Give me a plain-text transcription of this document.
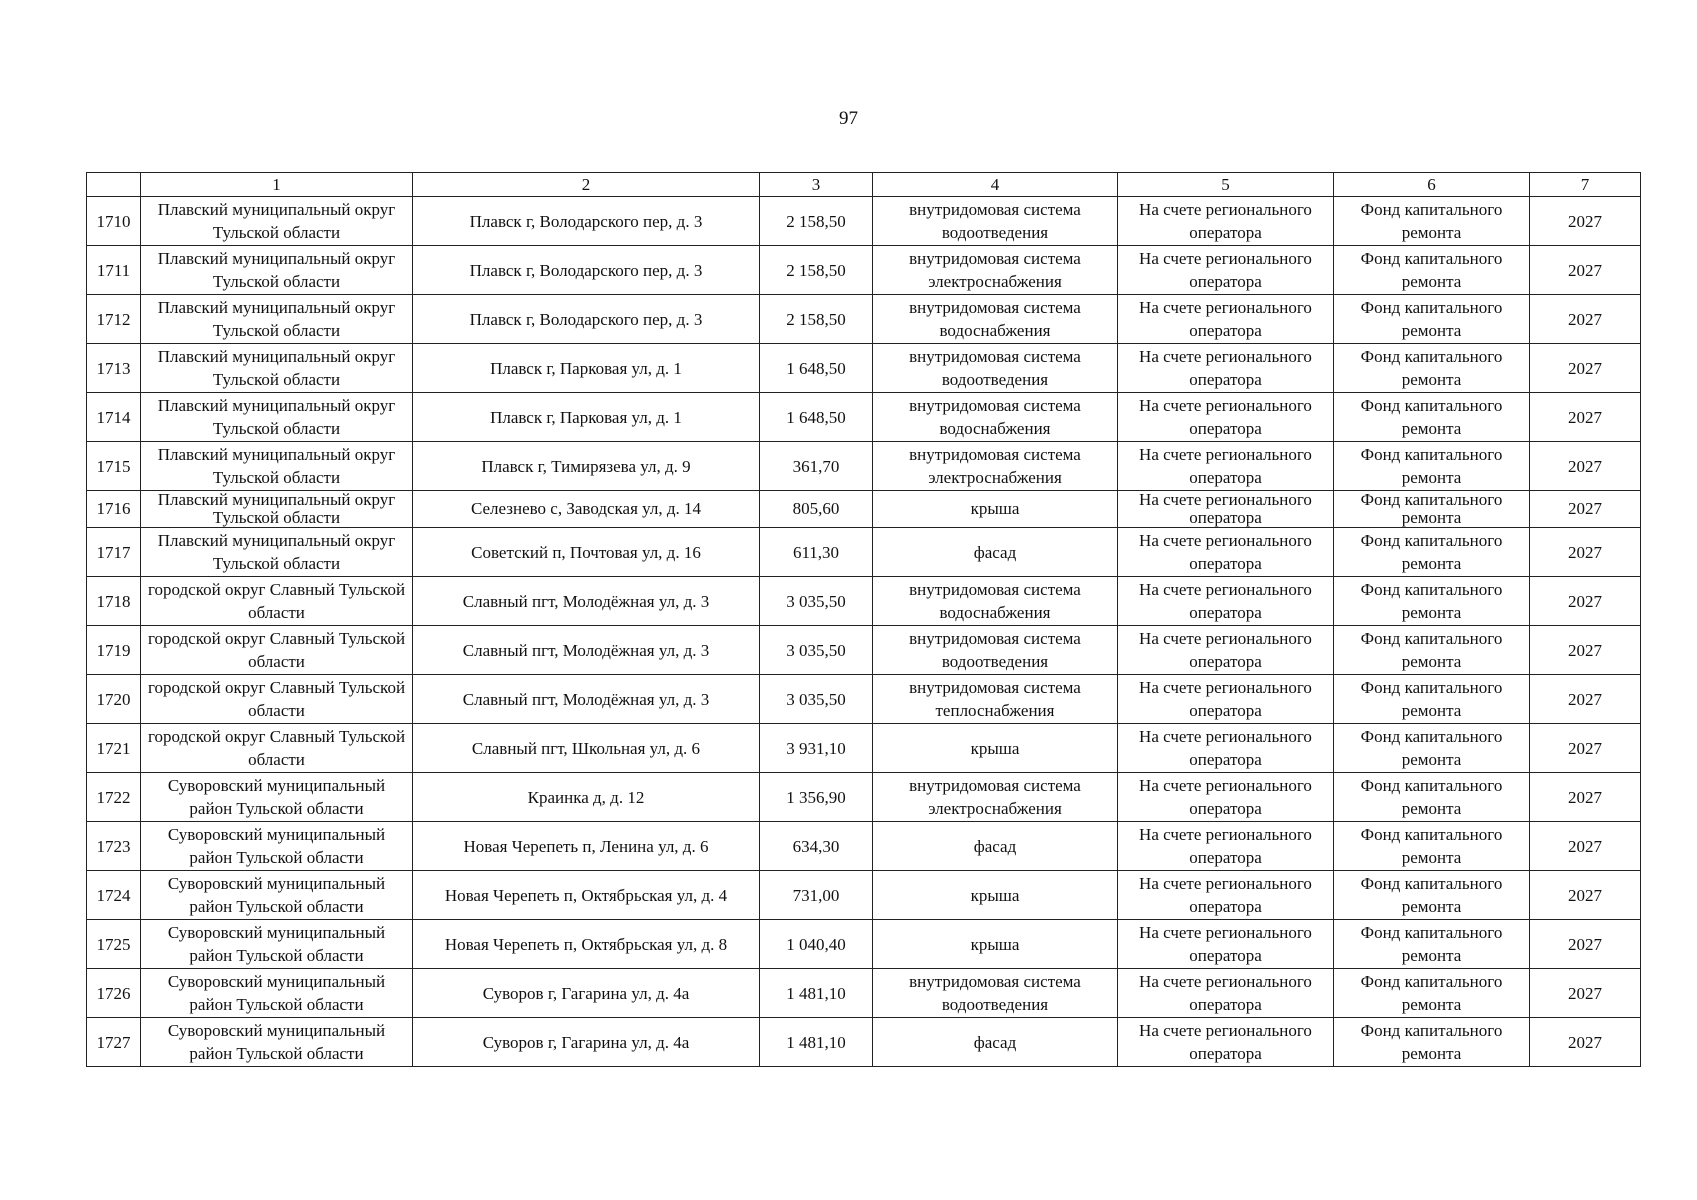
97
	1	2	3	4	5	6	7
1710	Плавский муниципальный округ Тульской области	Плавск г, Володарского пер, д. 3	2 158,50	внутридомовая система водоотведения	На счете регионального оператора	Фонд капитального ремонта	2027
1711	Плавский муниципальный округ Тульской области	Плавск г, Володарского пер, д. 3	2 158,50	внутридомовая система электроснабжения	На счете регионального оператора	Фонд капитального ремонта	2027
1712	Плавский муниципальный округ Тульской области	Плавск г, Володарского пер, д. 3	2 158,50	внутридомовая система водоснабжения	На счете регионального оператора	Фонд капитального ремонта	2027
1713	Плавский муниципальный округ Тульской области	Плавск г, Парковая ул, д. 1	1 648,50	внутридомовая система водоотведения	На счете регионального оператора	Фонд капитального ремонта	2027
1714	Плавский муниципальный округ Тульской области	Плавск г, Парковая ул, д. 1	1 648,50	внутридомовая система водоснабжения	На счете регионального оператора	Фонд капитального ремонта	2027
1715	Плавский муниципальный округ Тульской области	Плавск г, Тимирязева ул, д. 9	361,70	внутридомовая система электроснабжения	На счете регионального оператора	Фонд капитального ремонта	2027
1716	Плавский муниципальный округ Тульской области	Селезнево с, Заводская ул, д. 14	805,60	крыша	На счете регионального оператора	Фонд капитального ремонта	2027
1717	Плавский муниципальный округ Тульской области	Советский п, Почтовая ул, д. 16	611,30	фасад	На счете регионального оператора	Фонд капитального ремонта	2027
1718	городской округ Славный Тульской области	Славный пгт, Молодёжная ул, д. 3	3 035,50	внутридомовая система водоснабжения	На счете регионального оператора	Фонд капитального ремонта	2027
1719	городской округ Славный Тульской области	Славный пгт, Молодёжная ул, д. 3	3 035,50	внутридомовая система водоотведения	На счете регионального оператора	Фонд капитального ремонта	2027
1720	городской округ Славный Тульской области	Славный пгт, Молодёжная ул, д. 3	3 035,50	внутридомовая система теплоснабжения	На счете регионального оператора	Фонд капитального ремонта	2027
1721	городской округ Славный Тульской области	Славный пгт, Школьная ул, д. 6	3 931,10	крыша	На счете регионального оператора	Фонд капитального ремонта	2027
1722	Суворовский муниципальный район Тульской области	Краинка д, д. 12	1 356,90	внутридомовая система электроснабжения	На счете регионального оператора	Фонд капитального ремонта	2027
1723	Суворовский муниципальный район Тульской области	Новая Черепеть п, Ленина ул, д. 6	634,30	фасад	На счете регионального оператора	Фонд капитального ремонта	2027
1724	Суворовский муниципальный район Тульской области	Новая Черепеть п, Октябрьская ул, д. 4	731,00	крыша	На счете регионального оператора	Фонд капитального ремонта	2027
1725	Суворовский муниципальный район Тульской области	Новая Черепеть п, Октябрьская ул, д. 8	1 040,40	крыша	На счете регионального оператора	Фонд капитального ремонта	2027
1726	Суворовский муниципальный район Тульской области	Суворов г, Гагарина ул, д. 4а	1 481,10	внутридомовая система водоотведения	На счете регионального оператора	Фонд капитального ремонта	2027
1727	Суворовский муниципальный район Тульской области	Суворов г, Гагарина ул, д. 4а	1 481,10	фасад	На счете регионального оператора	Фонд капитального ремонта	2027
